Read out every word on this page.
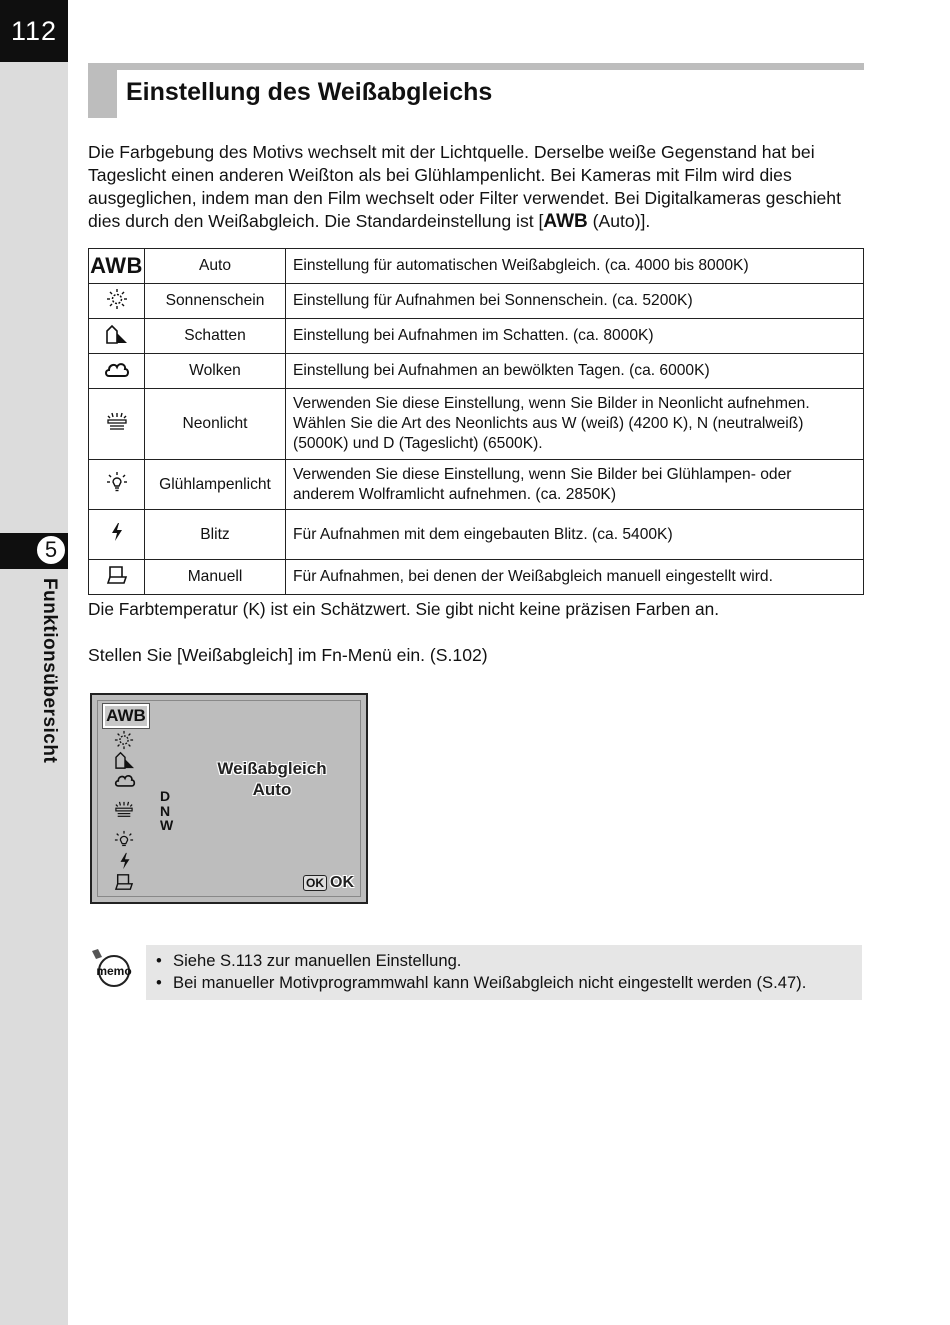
112
5
Funktionsübersicht
Einstellung des Weißabgleichs

Die Farbgebung des Motivs wechselt mit der Lichtquelle. Derselbe weiße Gegenstand hat bei Tageslicht einen anderen Weißton als bei Glühlampenlicht. Bei Kameras mit Film wird dies ausgeglichen, indem man den Film wechselt oder Filter verwendet. Bei Digitalkameras geschieht dies durch den Weißabgleich. Die Standardeinstellung ist [AWB (Auto)].

AWB	Auto	Einstellung für automatischen Weißabgleich. (ca. 4000 bis 8000K)
	Sonnenschein	Einstellung für Aufnahmen bei Sonnenschein. (ca. 5200K)
	Schatten	Einstellung bei Aufnahmen im Schatten. (ca. 8000K)
	Wolken	Einstellung bei Aufnahmen an bewölkten Tagen. (ca. 6000K)
	Neonlicht	Verwenden Sie diese Einstellung, wenn Sie Bilder in Neonlicht aufnehmen. Wählen Sie die Art des Neonlichts aus W (weiß) (4200 K), N (neutralweiß) (5000K) und D (Tageslicht) (6500K).
	Glühlampenlicht	Verwenden Sie diese Einstellung, wenn Sie Bilder bei Glühlampen- oder anderem Wolframlicht aufnehmen. (ca. 2850K)
	Blitz	Für Aufnahmen mit dem eingebauten Blitz. (ca. 5400K)
	Manuell	Für Aufnahmen, bei denen der Weißabgleich manuell eingestellt wird.

Die Farbtemperatur (K) ist ein Schätzwert. Sie gibt nicht keine präzisen Farben an.

Stellen Sie [Weißabgleich] im Fn-Menü ein. (S.102)

AWB
D
N
W
Weißabgleich
Auto
OK OK
memo
• Siehe S.113 zur manuellen Einstellung.
• Bei manueller Motivprogrammwahl kann Weißabgleich nicht eingestellt werden (S.47).
